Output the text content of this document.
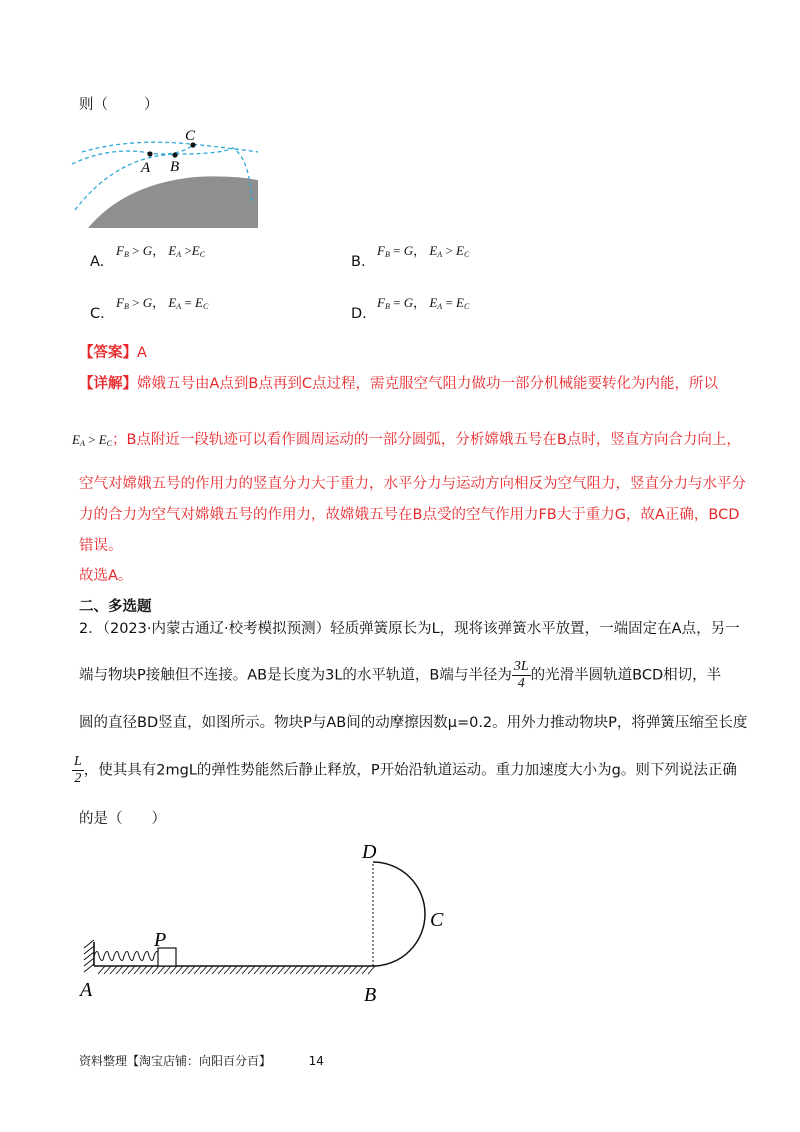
则（ ）
A B
C
$F_B > G$， $E_A >E_C$
A.
$F_B = G$， $E_A > E_C$
B.
$F_B > G$， $E_A = E_C$
C.
$F_B = G$， $E_A = E_C$
D.
【答案】A
【详解】嫦娥五号由A点到B点再到C点过程，需克服空气阻力做功一部分机械能要转化为内能，所以
$E_A > E_C$；B点附近一段轨迹可以看作圆周运动的一部分圆弧，分析嫦娥五号在B点时，竖直方向合力向上，
空气对嫦娥五号的作用力的竖直分力大于重力，水平分力与运动方向相反为空气阻力，竖直分力与水平分
力的合力为空气对嫦娥五号的作用力，故嫦娥五号在B点受的空气作用力FB大于重力G，故A正确，BCD
错误。
故选A。
二、多选题
2．（2023·内蒙古通辽·校考模拟预测）轻质弹簧原长为L，现将该弹簧水平放置，一端固定在A点，另一
端与物块P接触但不连接。AB是长度为3L的水平轨道，B端与半径为 $\frac{3L}{4}$ 的光滑半圆轨道BCD相切，半
圆的直径BD竖直，如图所示。物块P与AB间的动摩擦因数μ=0.2。用外力推动物块P，将弹簧压缩至长度
$\frac{L}{2}$ ，使其具有2mgL的弹性势能然后静止释放，P开始沿轨道运动。重力加速度大小为g。则下列说法正确
的是（　　）
A	B
C
D
P
资料整理【淘宝店铺：向阳百分百】	14
